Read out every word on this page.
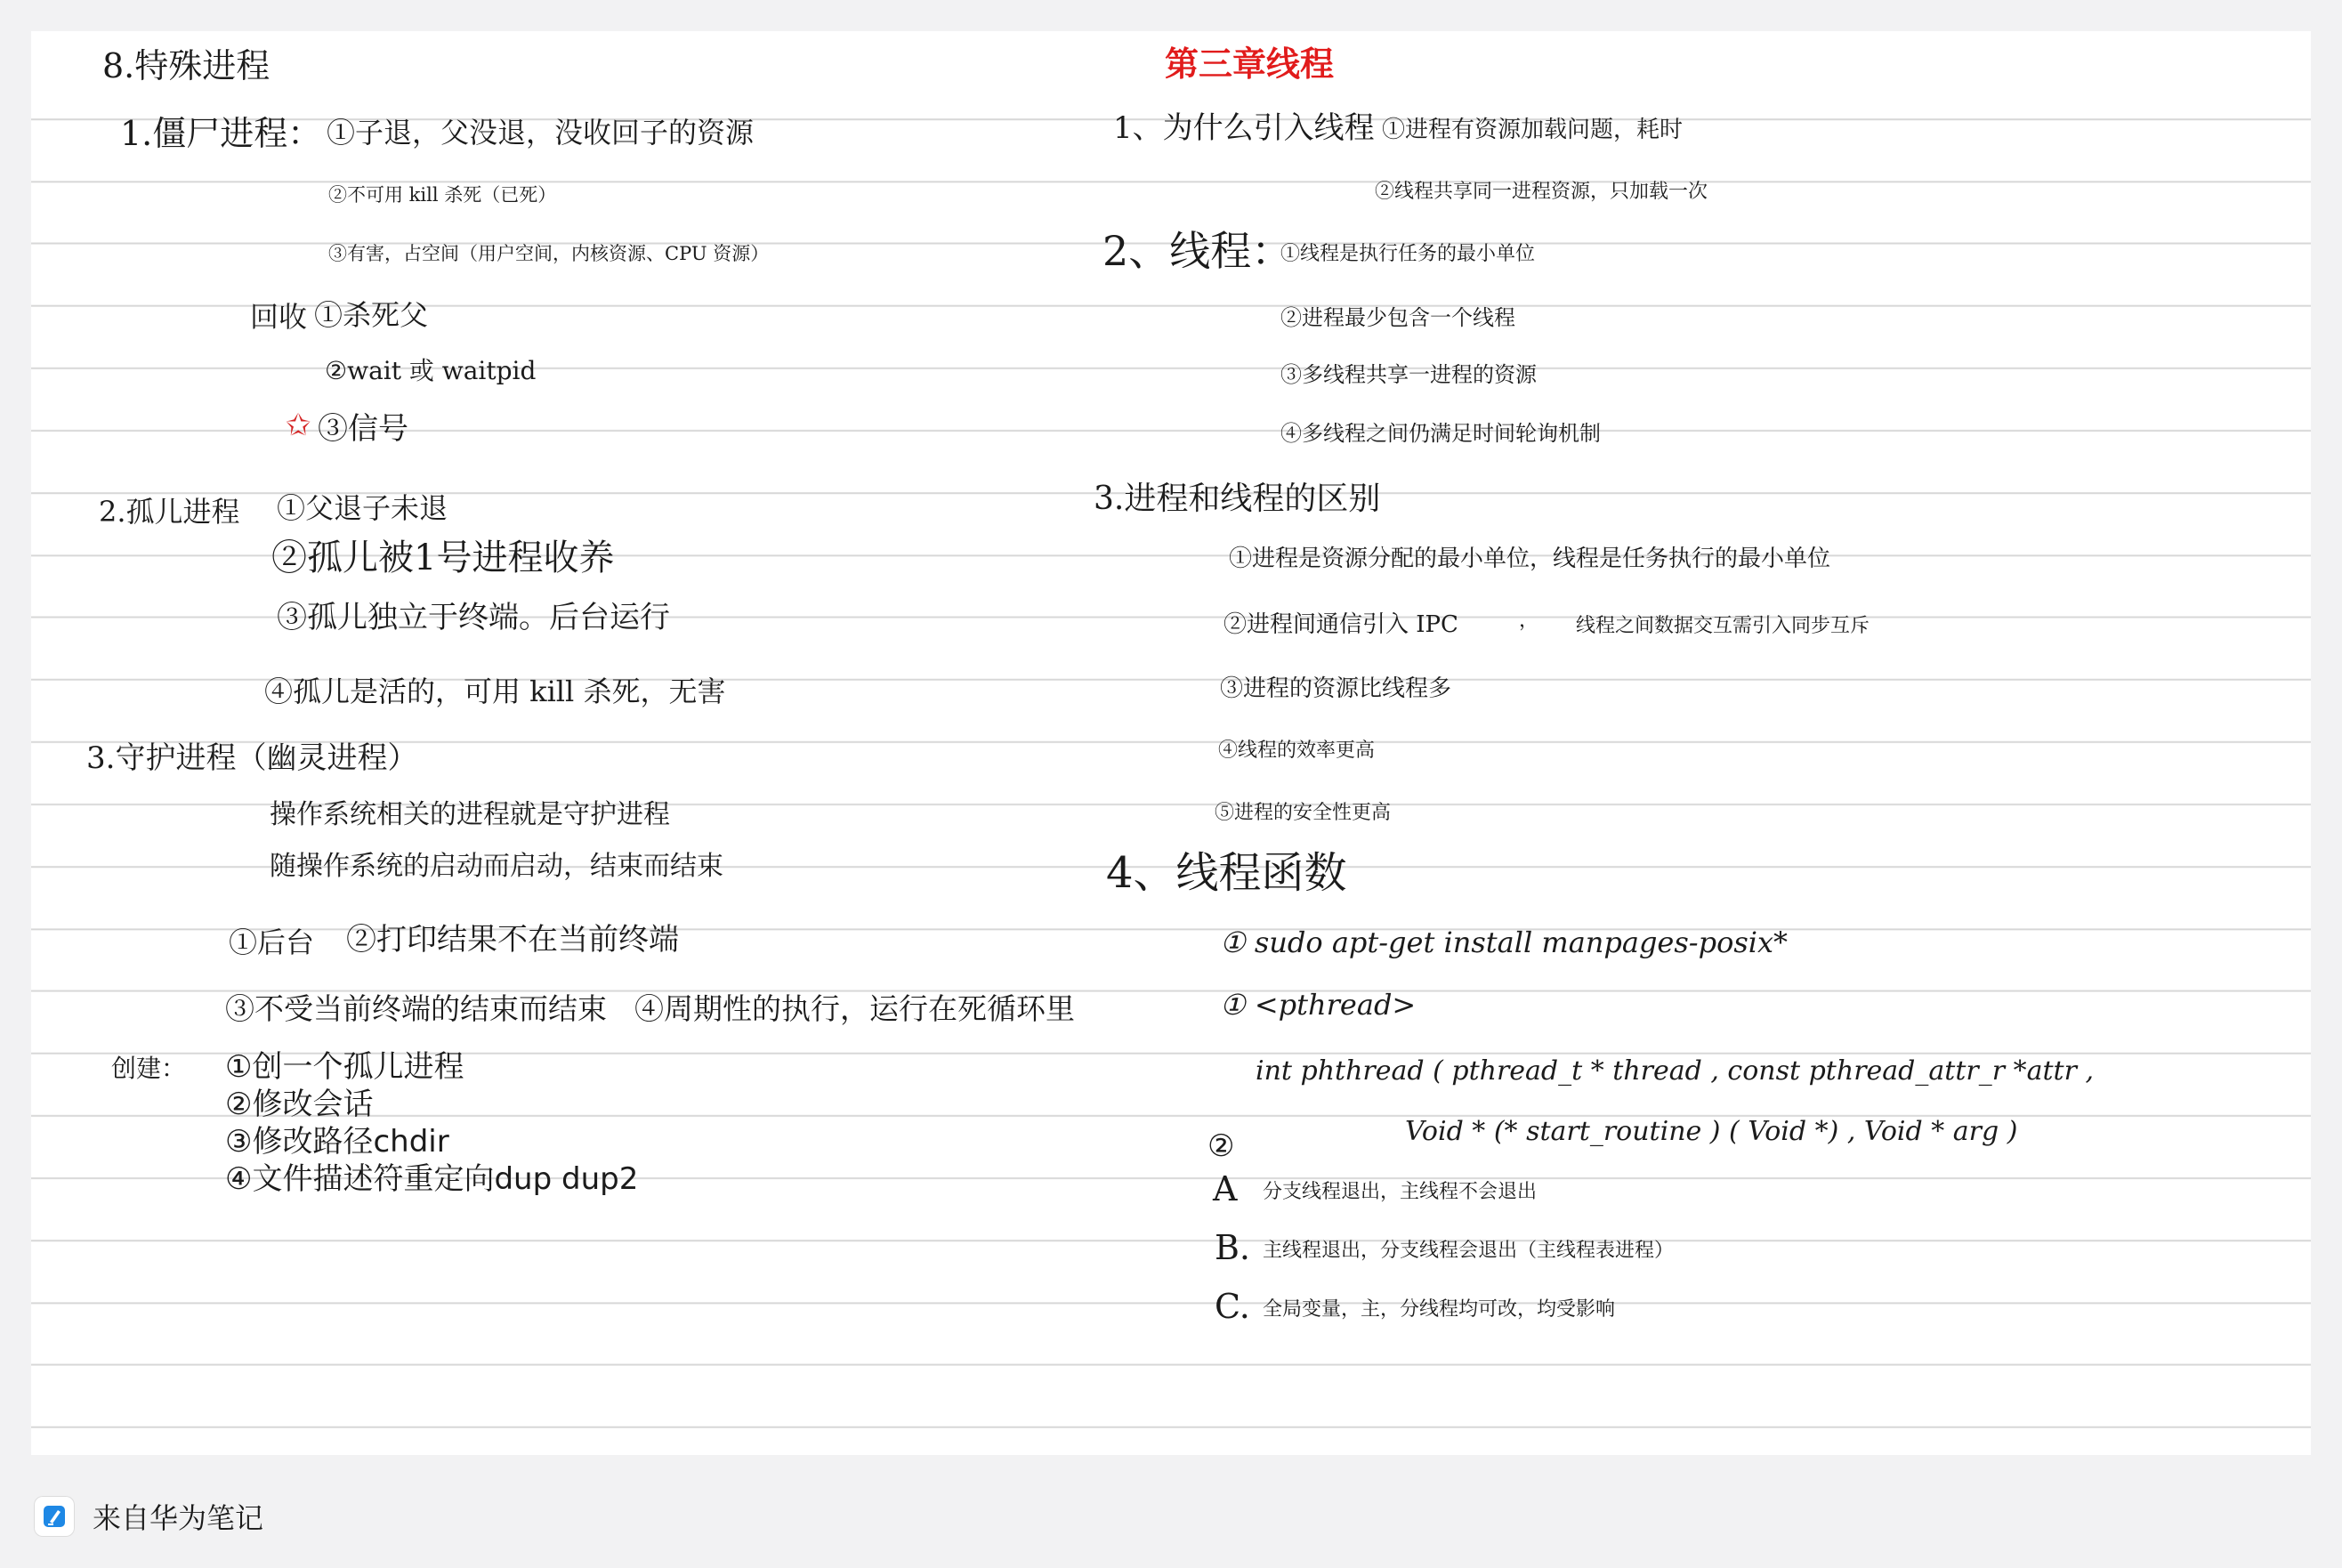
第三章线程
8.特殊进程
1.僵尸进程： ①子退，父没退，没收回子的资源
②不可用 kill 杀死（已死）
③有害，占空间（用户空间，内核资源、CPU 资源）
回收 ①杀死父
②wait 或 waitpid
✩ ③信号
2.孤儿进程 ①父退子未退
②孤儿被1号进程收养
③孤儿独立于终端。后台运行
④孤儿是活的，可用 kill 杀死，无害
3.守护进程（幽灵进程）
操作系统相关的进程就是守护进程
随操作系统的启动而启动，结束而结束
①后台 ②打印结果不在当前终端
③不受当前终端的结束而结束 ④周期性的执行，运行在死循环里
创建： ①创一个孤儿进程
②修改会话
③修改路径chdir
④文件描述符重定向dup dup2
1、为什么引入线程
：①进程有资源加载问题，耗时
②线程共享同一进程资源，只加载一次
2、线程：
①线程是执行任务的最小单位
②进程最少包含一个线程
③多线程共享一进程的资源
④多线程之间仍满足时间轮询机制
3.进程和线程的区别
①进程是资源分配的最小单位，线程是任务执行的最小单位
②进程间通信引入 IPC	， 线程之间数据交互需引入同步互斥
③进程的资源比线程多
④线程的效率更高
⑤进程的安全性更高
4、线程函数
① sudo apt-get install manpages-posix*
① <pthread>
int phthread ( pthread_t * thread , const pthread_attr_r *attr ,
Void * (* start_routine ) ( Void *) , Void * arg )
②
A 分支线程退出，主线程不会退出
B. 主线程退出，分支线程会退出（主线程表进程）
C. 全局变量，主，分线程均可改，均受影响
来自华为笔记
